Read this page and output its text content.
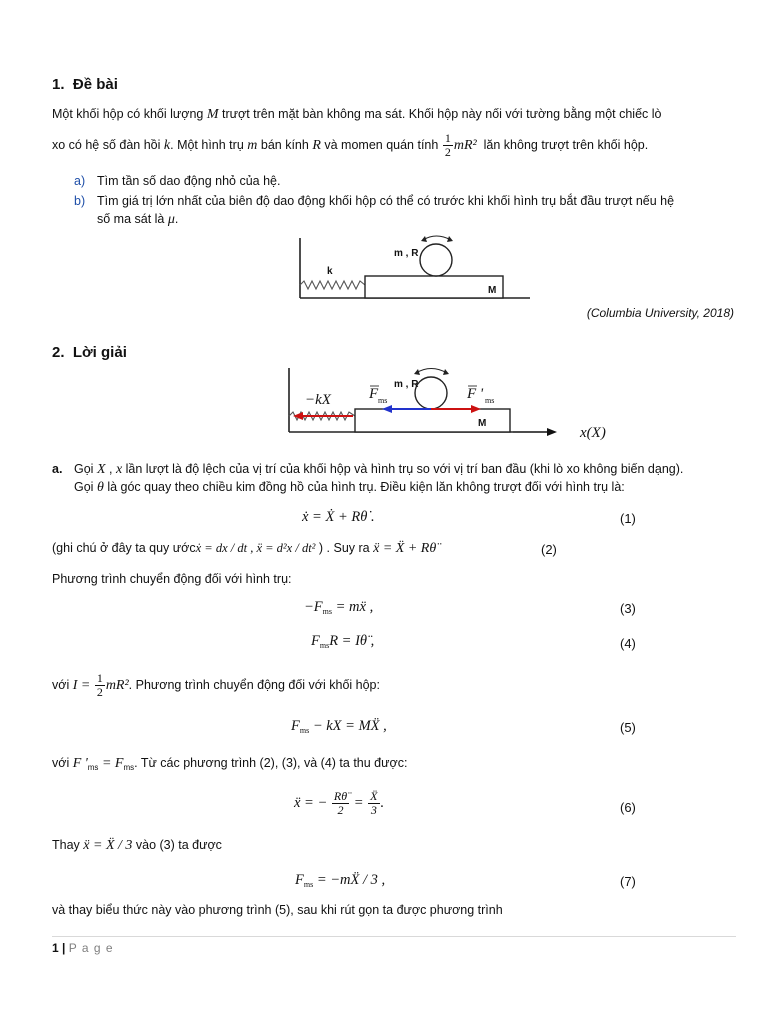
1. Đề bài
Một khối hộp có khối lượng M trượt trên mặt bàn không ma sát. Khối hộp này nối với tường bằng một chiếc lò
xo có hệ số đàn hồi k. Một hình trụ m bán kính R và momen quán tính $\frac{1}{2} mR^2$ lăn không trượt trên khối hộp.
a) Tìm tần số dao động nhỏ của hệ.
b) Tìm giá trị lớn nhất của biên độ dao động khối hộp có thể có trước khi khối hình trụ bắt đầu trượt nếu hệ
số ma sát là μ.
k
m , R
M
(Columbia University, 2018)
2. Lời giải
−kX	F ms
m , R
F ' ms
M
x(X)
a. Gọi X , x lần lượt là độ lệch của vị trí của khối hộp và hình trụ so với vị trí ban đầu (khi lò xo không biến dạng).
Gọi θ là góc quay theo chiều kim đồng hồ của hình trụ. Điều kiện lăn không trượt đối với hình trụ là:
ẋ = Ẋ + Rθ̇ .	(1)
(ghi chú ở đây ta quy ướcẋ = dx / dt , ẍ = d²x / dt² ) . Suy ra ẍ = Ẍ + Rθ̈	(2)
Phương trình chuyển động đối với hình trụ:
$-F_{ms}$ = mẍ ,	(3)
$F_{ms}R$ = Iθ̈ ,	(4)
với $I = \frac{1}{2} mR^2$. Phương trình chuyển động đối với khối hộp:
$F_{ms}$ − kX = MẌ ,	(5)
với F '$_{ms} = F_{ms}$. Từ các phương trình (2), (3), và (4) ta thu được:
ẍ = − $\frac{R\thetä}{2} = \frac{\text{Ẍ}}{3}$ .	(6)
Thay ẍ = Ẍ / 3 vào (3) ta được
$F_{ms}$ = −mẌ / 3 ,	(7)
và thay biểu thức này vào phương trình (5), sau khi rút gọn ta được phương trình
1 | P a g e
